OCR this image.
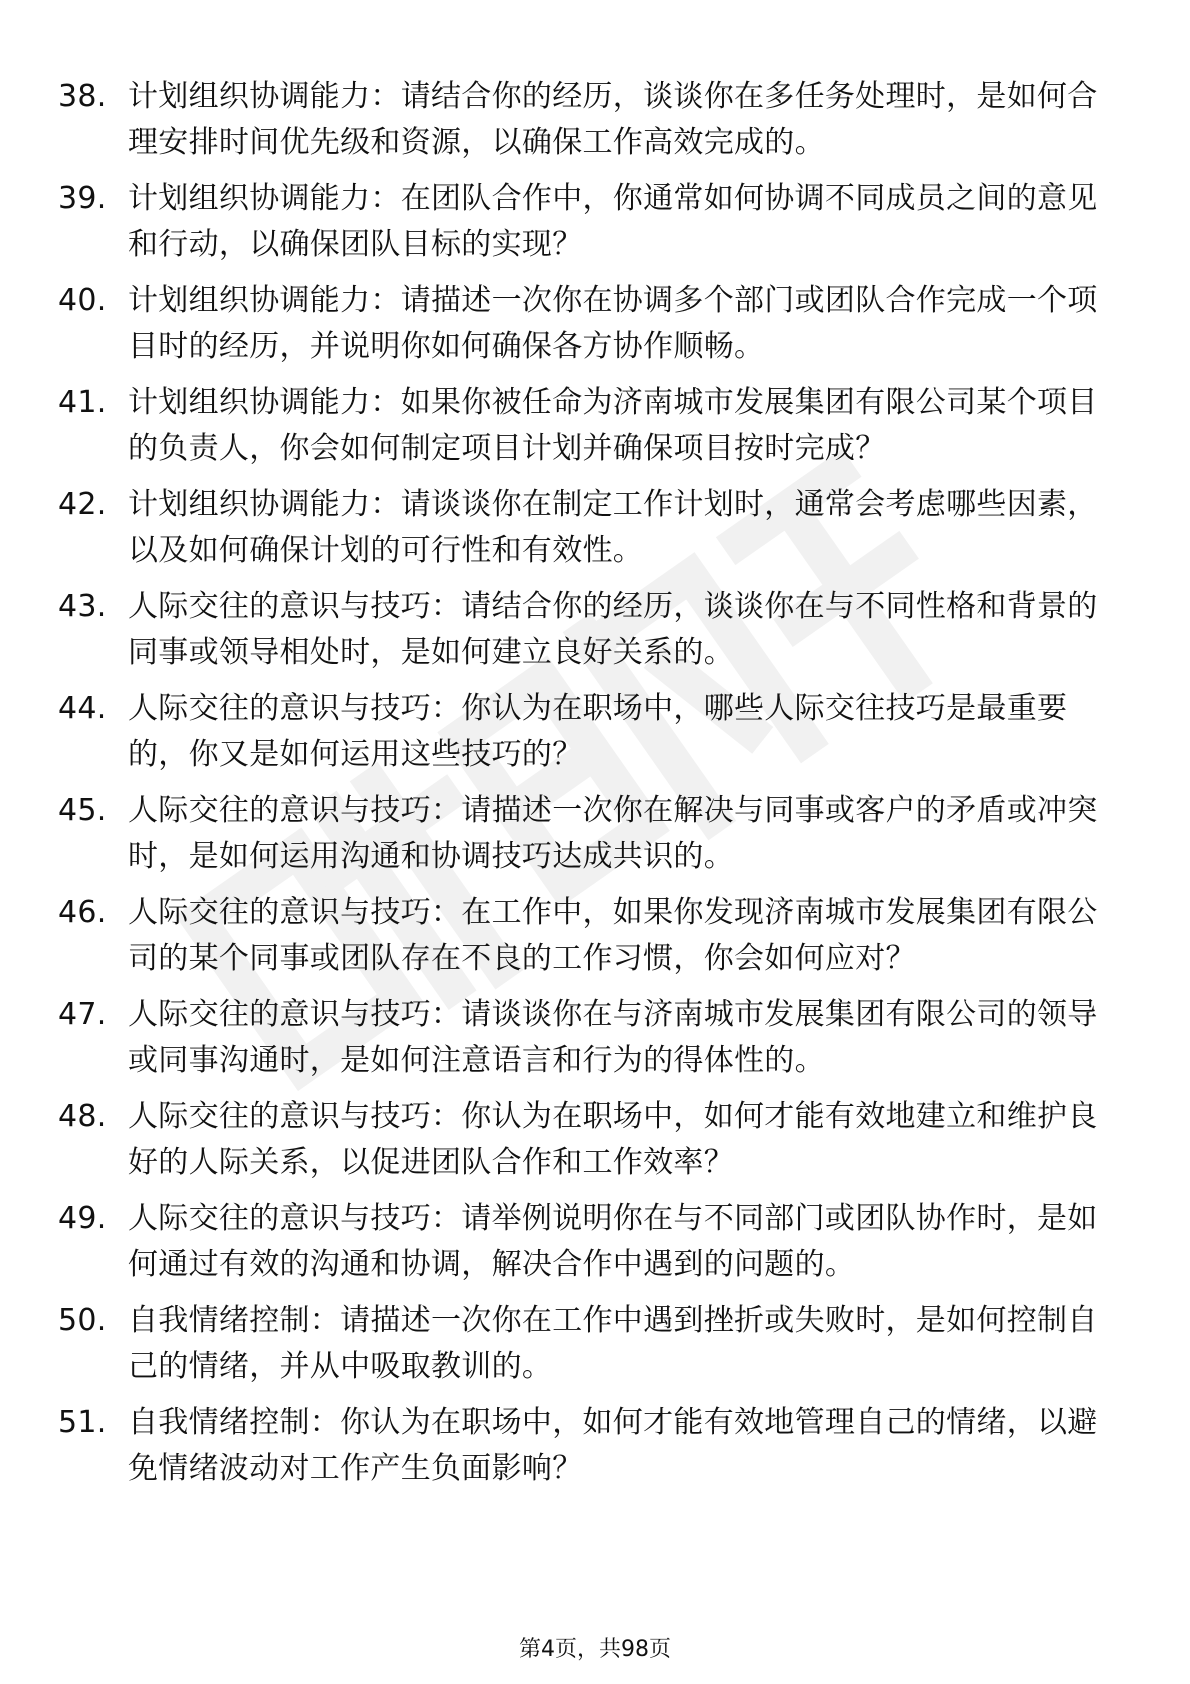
38. 计划组织协调能力：请结合你的经历，谈谈你在多任务处理时，是如何合理安排时间优先级和资源，以确保工作高效完成的。
39. 计划组织协调能力：在团队合作中，你通常如何协调不同成员之间的意见和行动，以确保团队目标的实现？
40. 计划组织协调能力：请描述一次你在协调多个部门或团队合作完成一个项目时的经历，并说明你如何确保各方协作顺畅。
41. 计划组织协调能力：如果你被任命为济南城市发展集团有限公司某个项目的负责人，你会如何制定项目计划并确保项目按时完成？
42. 计划组织协调能力：请谈谈你在制定工作计划时，通常会考虑哪些因素，以及如何确保计划的可行性和有效性。
43. 人际交往的意识与技巧：请结合你的经历，谈谈你在与不同性格和背景的同事或领导相处时，是如何建立良好关系的。
44. 人际交往的意识与技巧：你认为在职场中，哪些人际交往技巧是最重要的，你又是如何运用这些技巧的？
45. 人际交往的意识与技巧：请描述一次你在解决与同事或客户的矛盾或冲突时，是如何运用沟通和协调技巧达成共识的。
46. 人际交往的意识与技巧：在工作中，如果你发现济南城市发展集团有限公司的某个同事或团队存在不良的工作习惯，你会如何应对？
47. 人际交往的意识与技巧：请谈谈你在与济南城市发展集团有限公司的领导或同事沟通时，是如何注意语言和行为的得体性的。
48. 人际交往的意识与技巧：你认为在职场中，如何才能有效地建立和维护良好的人际关系，以促进团队合作和工作效率？
49. 人际交往的意识与技巧：请举例说明你在与不同部门或团队协作时，是如何通过有效的沟通和协调，解决合作中遇到的问题的。
50. 自我情绪控制：请描述一次你在工作中遇到挫折或失败时，是如何控制自己的情绪，并从中吸取教训的。
51. 自我情绪控制：你认为在职场中，如何才能有效地管理自己的情绪，以避免情绪波动对工作产生负面影响？
第4页，共98页
